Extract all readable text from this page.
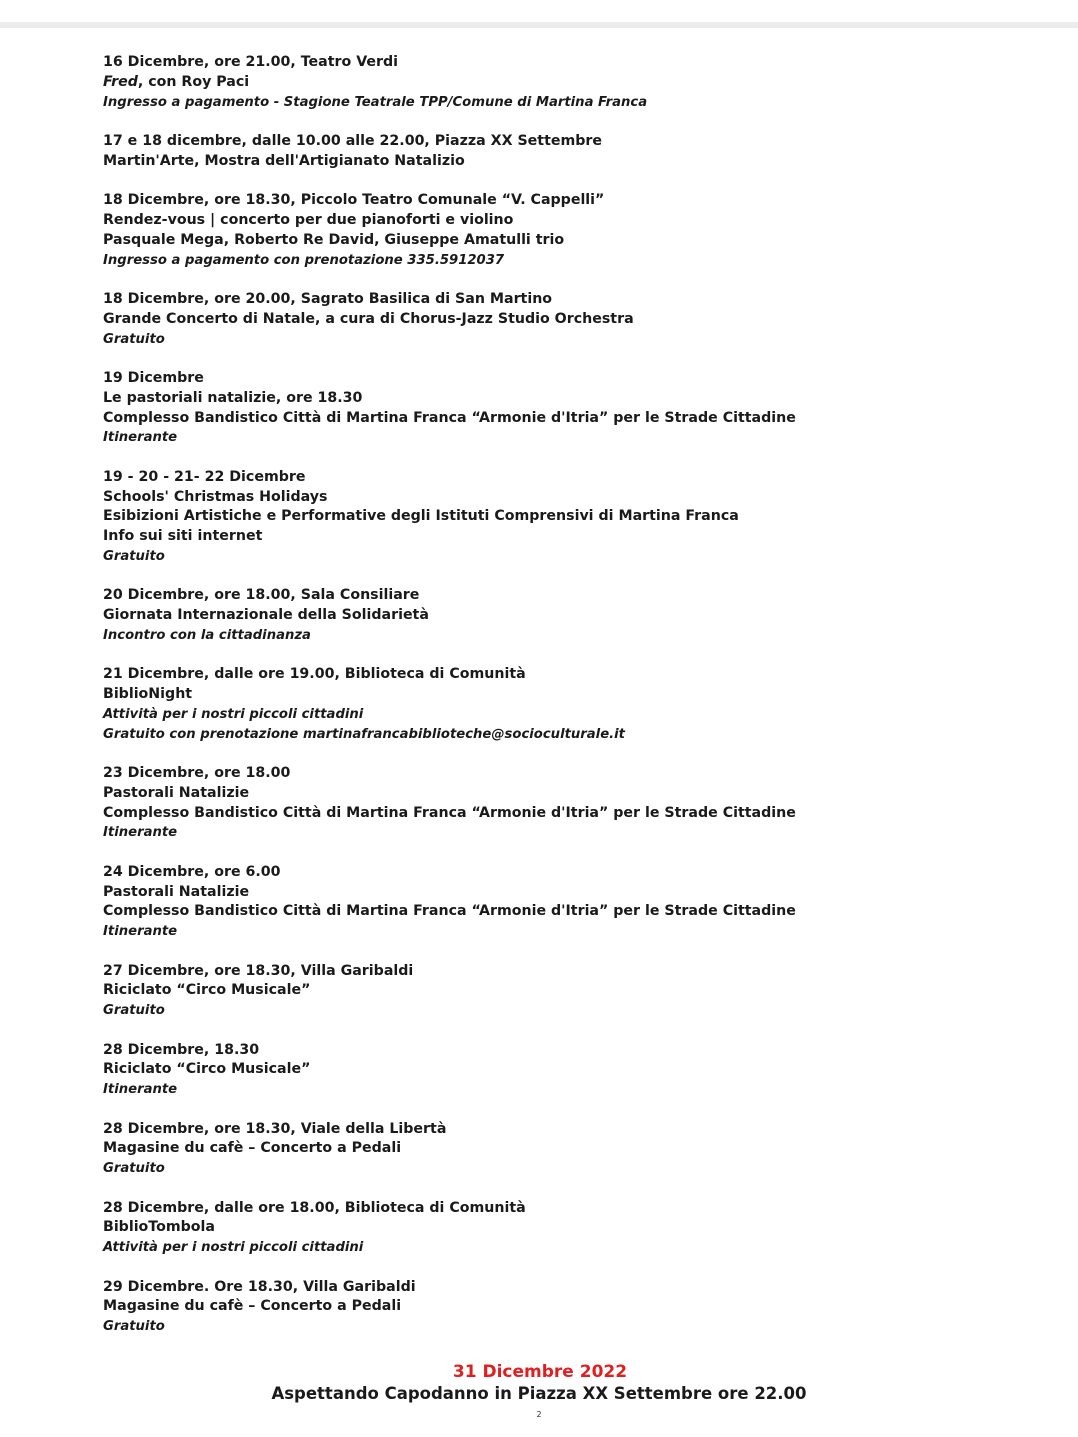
16 Dicembre, ore 21.00, Teatro Verdi
Fred, con Roy Paci
Ingresso a pagamento - Stagione Teatrale TPP/Comune di Martina Franca
17 e 18 dicembre, dalle 10.00 alle 22.00, Piazza XX Settembre
Martin'Arte, Mostra dell'Artigianato Natalizio
18 Dicembre, ore 18.30, Piccolo Teatro Comunale “V. Cappelli”
Rendez-vous | concerto per due pianoforti e violino
Pasquale Mega, Roberto Re David, Giuseppe Amatulli trio
Ingresso a pagamento con prenotazione 335.5912037
18 Dicembre, ore 20.00, Sagrato Basilica di San Martino
Grande Concerto di Natale, a cura di Chorus-Jazz Studio Orchestra
Gratuito
19 Dicembre
Le pastoriali natalizie, ore 18.30
Complesso Bandistico Città di Martina Franca “Armonie d'Itria” per le Strade Cittadine
Itinerante
19 - 20 - 21- 22 Dicembre
Schools' Christmas Holidays
Esibizioni Artistiche e Performative degli Istituti Comprensivi di Martina Franca
Info sui siti internet
Gratuito
20 Dicembre, ore 18.00, Sala Consiliare
Giornata Internazionale della Solidarietà
Incontro con la cittadinanza
21 Dicembre, dalle ore 19.00, Biblioteca di Comunità
BiblioNight
Attività per i nostri piccoli cittadini
Gratuito con prenotazione martinafrancabiblioteche@socioculturale.it
23 Dicembre, ore 18.00
Pastorali Natalizie
Complesso Bandistico Città di Martina Franca “Armonie d'Itria” per le Strade Cittadine
Itinerante
24 Dicembre, ore 6.00
Pastorali Natalizie
Complesso Bandistico Città di Martina Franca “Armonie d'Itria” per le Strade Cittadine
Itinerante
27 Dicembre, ore 18.30, Villa Garibaldi
Riciclato “Circo Musicale”
Gratuito
28 Dicembre, 18.30
Riciclato “Circo Musicale”
Itinerante
28 Dicembre, ore 18.30, Viale della Libertà
Magasine du cafè – Concerto a Pedali
Gratuito
28 Dicembre, dalle ore 18.00, Biblioteca di Comunità
BiblioTombola
Attività per i nostri piccoli cittadini
29 Dicembre. Ore 18.30, Villa Garibaldi
Magasine du cafè – Concerto a Pedali
Gratuito
31 Dicembre 2022
Aspettando Capodanno in Piazza XX Settembre ore 22.00
2
